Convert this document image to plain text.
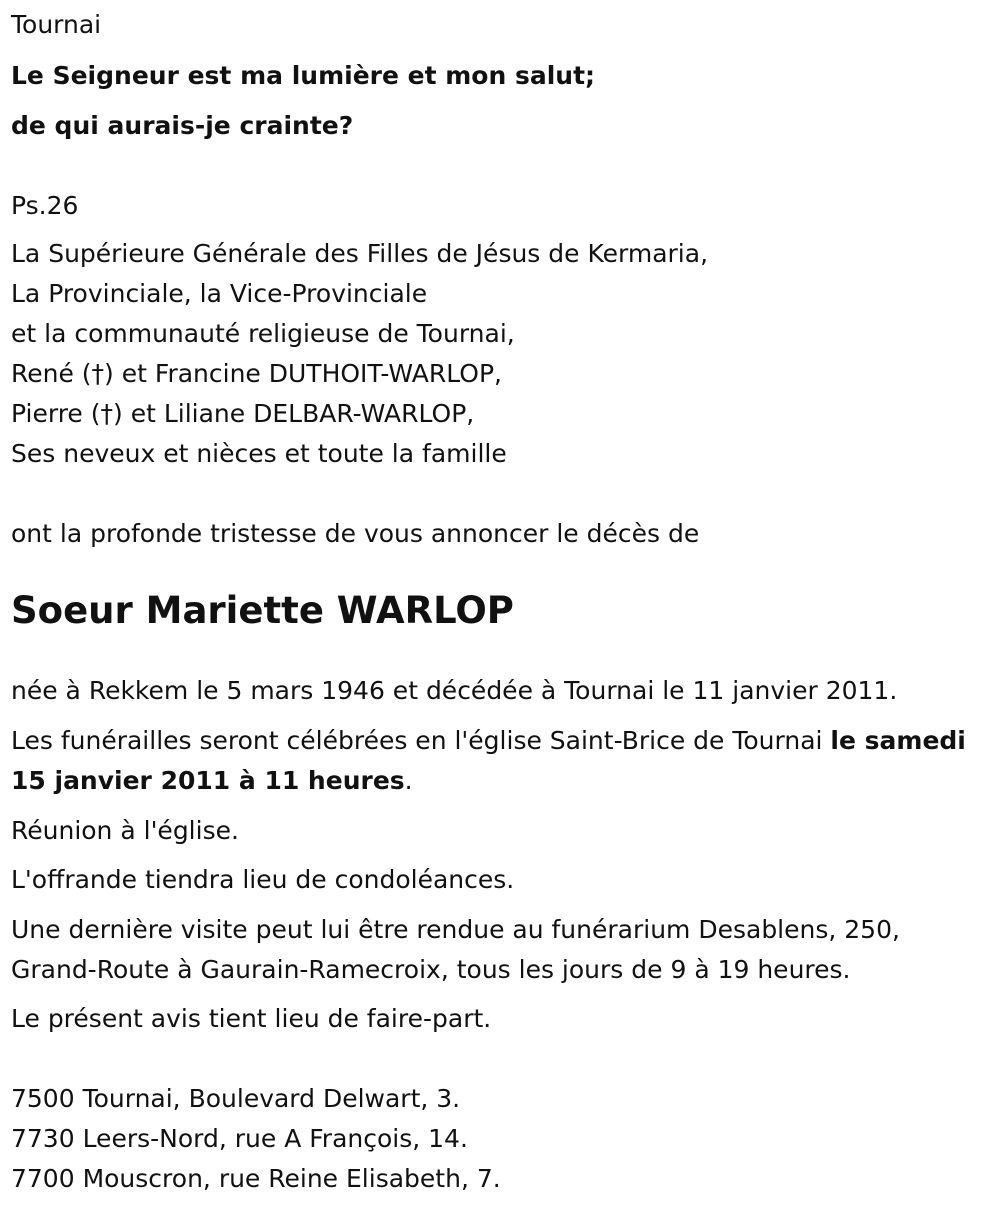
Tournai
Le Seigneur est ma lumière et mon salut;
de qui aurais-je crainte?
Ps.26
La Supérieure Générale des Filles de Jésus de Kermaria,
La Provinciale, la Vice-Provinciale
et la communauté religieuse de Tournai,
René (†) et Francine DUTHOIT-WARLOP,
Pierre (†) et Liliane DELBAR-WARLOP,
Ses neveux et nièces et toute la famille
ont la profonde tristesse de vous annoncer le décès de
Soeur Mariette WARLOP
née à Rekkem le 5 mars 1946 et décédée à Tournai le 11 janvier 2011.
Les funérailles seront célébrées en l'église Saint-Brice de Tournai le samedi 15 janvier 2011 à 11 heures.
Réunion à l'église.
L'offrande tiendra lieu de condoléances.
Une dernière visite peut lui être rendue au funérarium Desablens, 250, Grand-Route à Gaurain-Ramecroix, tous les jours de 9 à 19 heures.
Le présent avis tient lieu de faire-part.
7500 Tournai, Boulevard Delwart, 3.
7730 Leers-Nord, rue A François, 14.
7700 Mouscron, rue Reine Elisabeth, 7.
